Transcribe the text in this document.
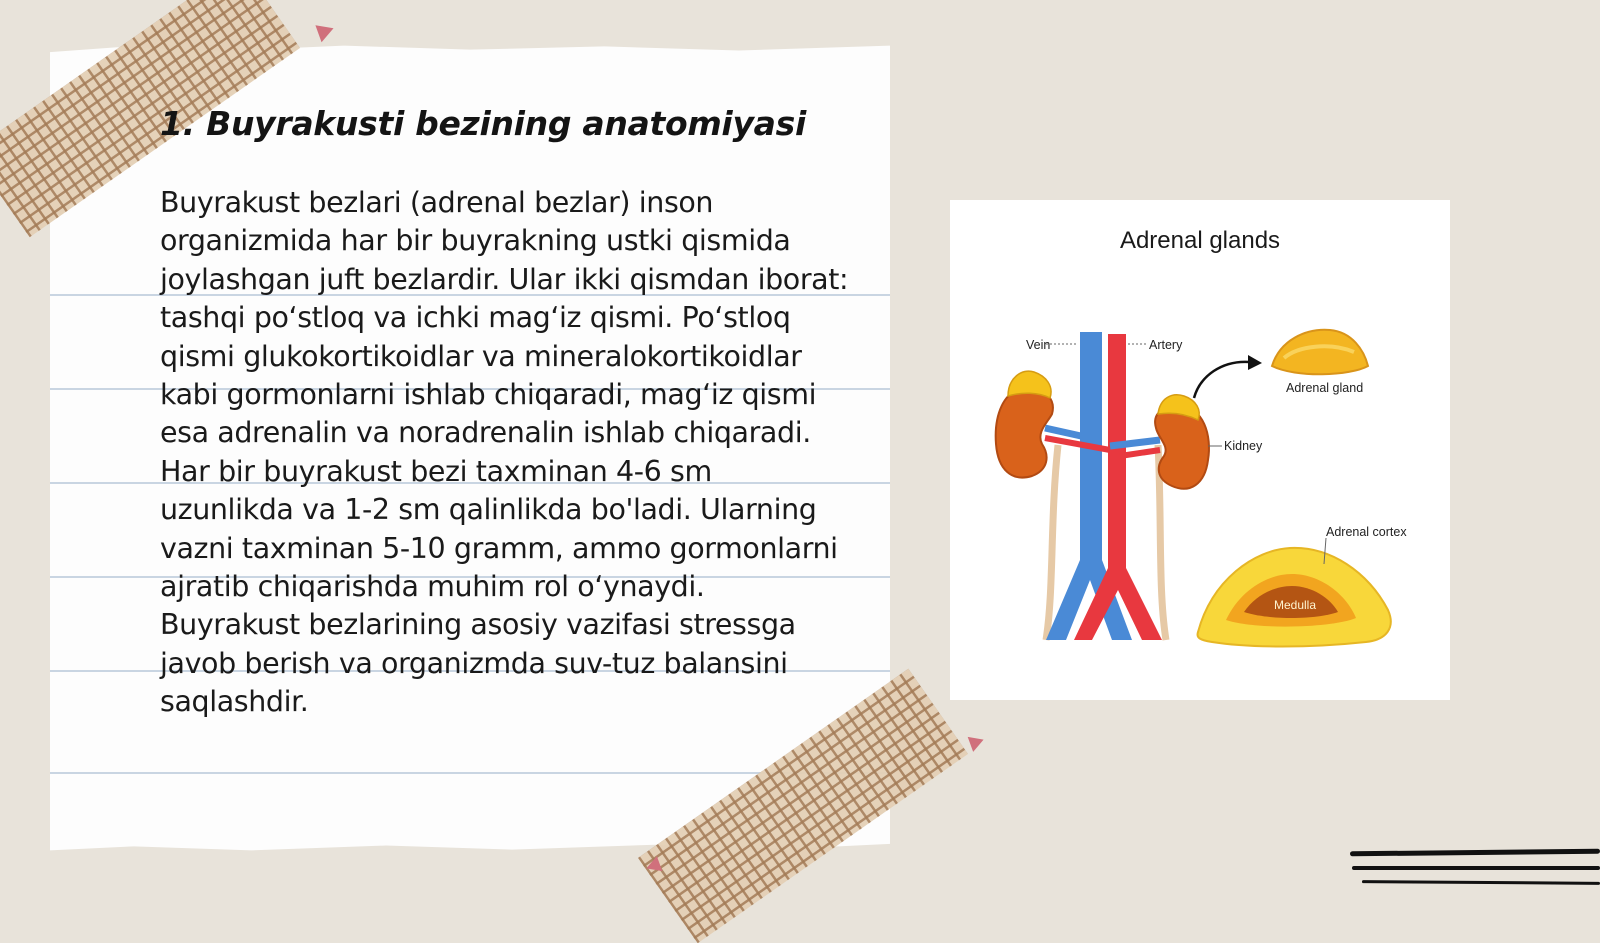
1. Buyrakusti bezining anatomiyasi

Buyrakust bezlari (adrenal bezlar) inson organizmida har bir buyrakning ustki qismida joylashgan juft bezlardir. Ular ikki qismdan iborat: tashqi poʻstloq va ichki magʻiz qismi. Poʻstloq qismi glukokortikoidlar va mineralokortikoidlar kabi gormonlarni ishlab chiqaradi, magʻiz qismi esa adrenalin va noradrenalin ishlab chiqaradi. Har bir buyrakust bezi taxminan 4-6 sm uzunlikda va 1-2 sm qalinlikda bo'ladi. Ularning vazni taxminan 5-10 gramm, ammo gormonlarni ajratib chiqarishda muhim rol oʻynaydi. Buyrakust bezlarining asosiy vazifasi stressga javob berish va organizmda suv-tuz balansini saqlashdir.

Adrenal glands
Vein	Artery
Adrenal gland
Kidney
Adrenal cortex
Medulla
